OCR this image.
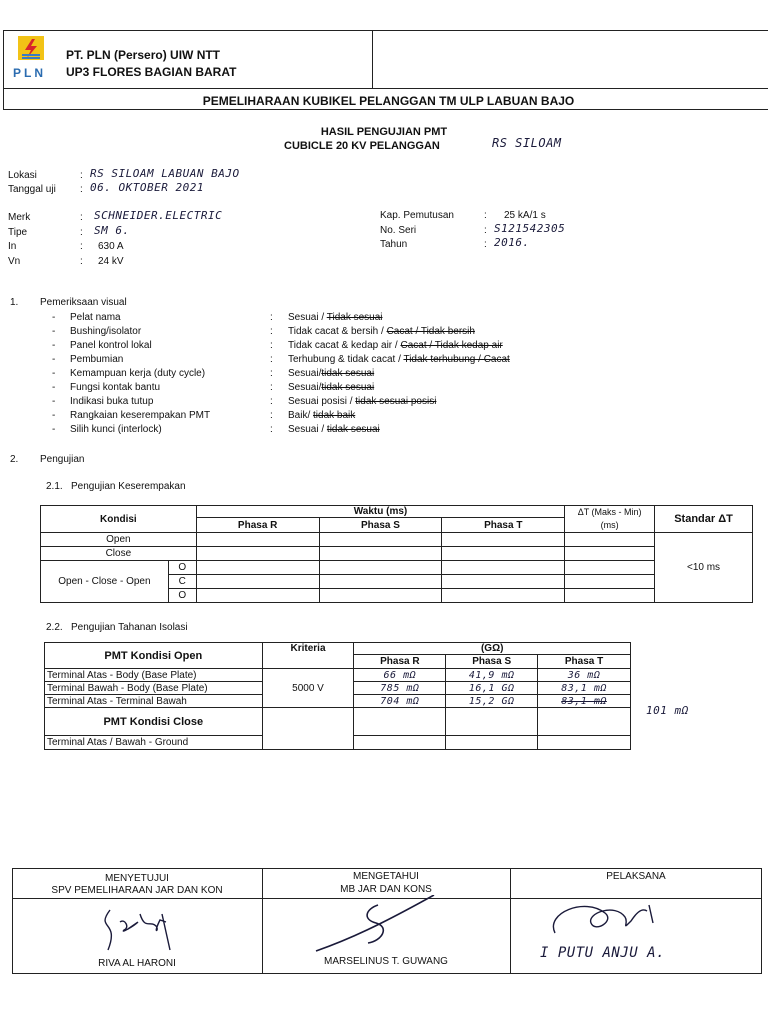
PLN
PT. PLN (Persero) UIW NTT
UP3 FLORES BAGIAN BARAT
PEMELIHARAAN KUBIKEL PELANGGAN TM ULP LABUAN BAJO
HASIL PENGUJIAN PMT
CUBICLE 20 KV PELANGGAN	RS SILOAM
Lokasi	: RS SILOAM LABUAN BAJO
Tanggal uji : 06. OKTOBER 2021
Merk	: SCHNEIDER.ELECTRIC
Tipe	: SM 6.
In	: 630 A
Vn	: 24 kV
Kap. Pemutusan	: 25 kA/1 s
No. Seri	: S121542305
Tahun	: 2016.
1. Pemeriksaan visual
- Pelat nama	: Sesuai / Tidak sesuai
- Bushing/isolator	: Tidak cacat & bersih / Cacat / Tidak bersih
- Panel kontrol lokal	: Tidak cacat & kedap air / Cacat / Tidak kedap air
- Pembumian	: Terhubung & tidak cacat / Tidak terhubung / Cacat
- Kemampuan kerja (duty cycle)	: Sesuai/tidak sesuai
- Fungsi kontak bantu	: Sesuai/tidak sesuai
- Indikasi buka tutup	: Sesuai posisi / tidak sesuai posisi
- Rangkaian keserempakan PMT	: Baik/ tidak baik
- Silih kunci (interlock)	: Sesuai / tidak sesuai
2. Pengujian
2.1.   Pengujian Keserempakan
Kondisi		Waktu (ms)			ΔT (Maks - Min)
(ms)	Standar ΔT
		Phasa R	Phasa S	Phasa T		
Open						<10 ms
Close						
Open - Close - Open	O					
	C					
	O					
2.2.   Pengujian Tahanan Isolasi
PMT Kondisi Open	Kriteria	(GΩ)		
		Phasa R	Phasa S	Phasa T
Terminal Atas - Body (Base Plate)	5000 V	66 mΩ	41,9 mΩ	36 mΩ
Terminal Bawah - Body (Base Plate)		785 mΩ	16,1 GΩ	83,1 mΩ
Terminal Atas - Terminal Bawah		704 mΩ	15,2 GΩ	83,1 mΩ
PMT Kondisi Close				
Terminal Atas / Bawah - Ground				
101 mΩ
MENYETUJUI
SPV PEMELIHARAAN JAR DAN KON
RIVA AL HARONI
MENGETAHUI
MB JAR DAN KONS
MARSELINUS T. GUWANG
PELAKSANA
I PUTU ANJU A.
